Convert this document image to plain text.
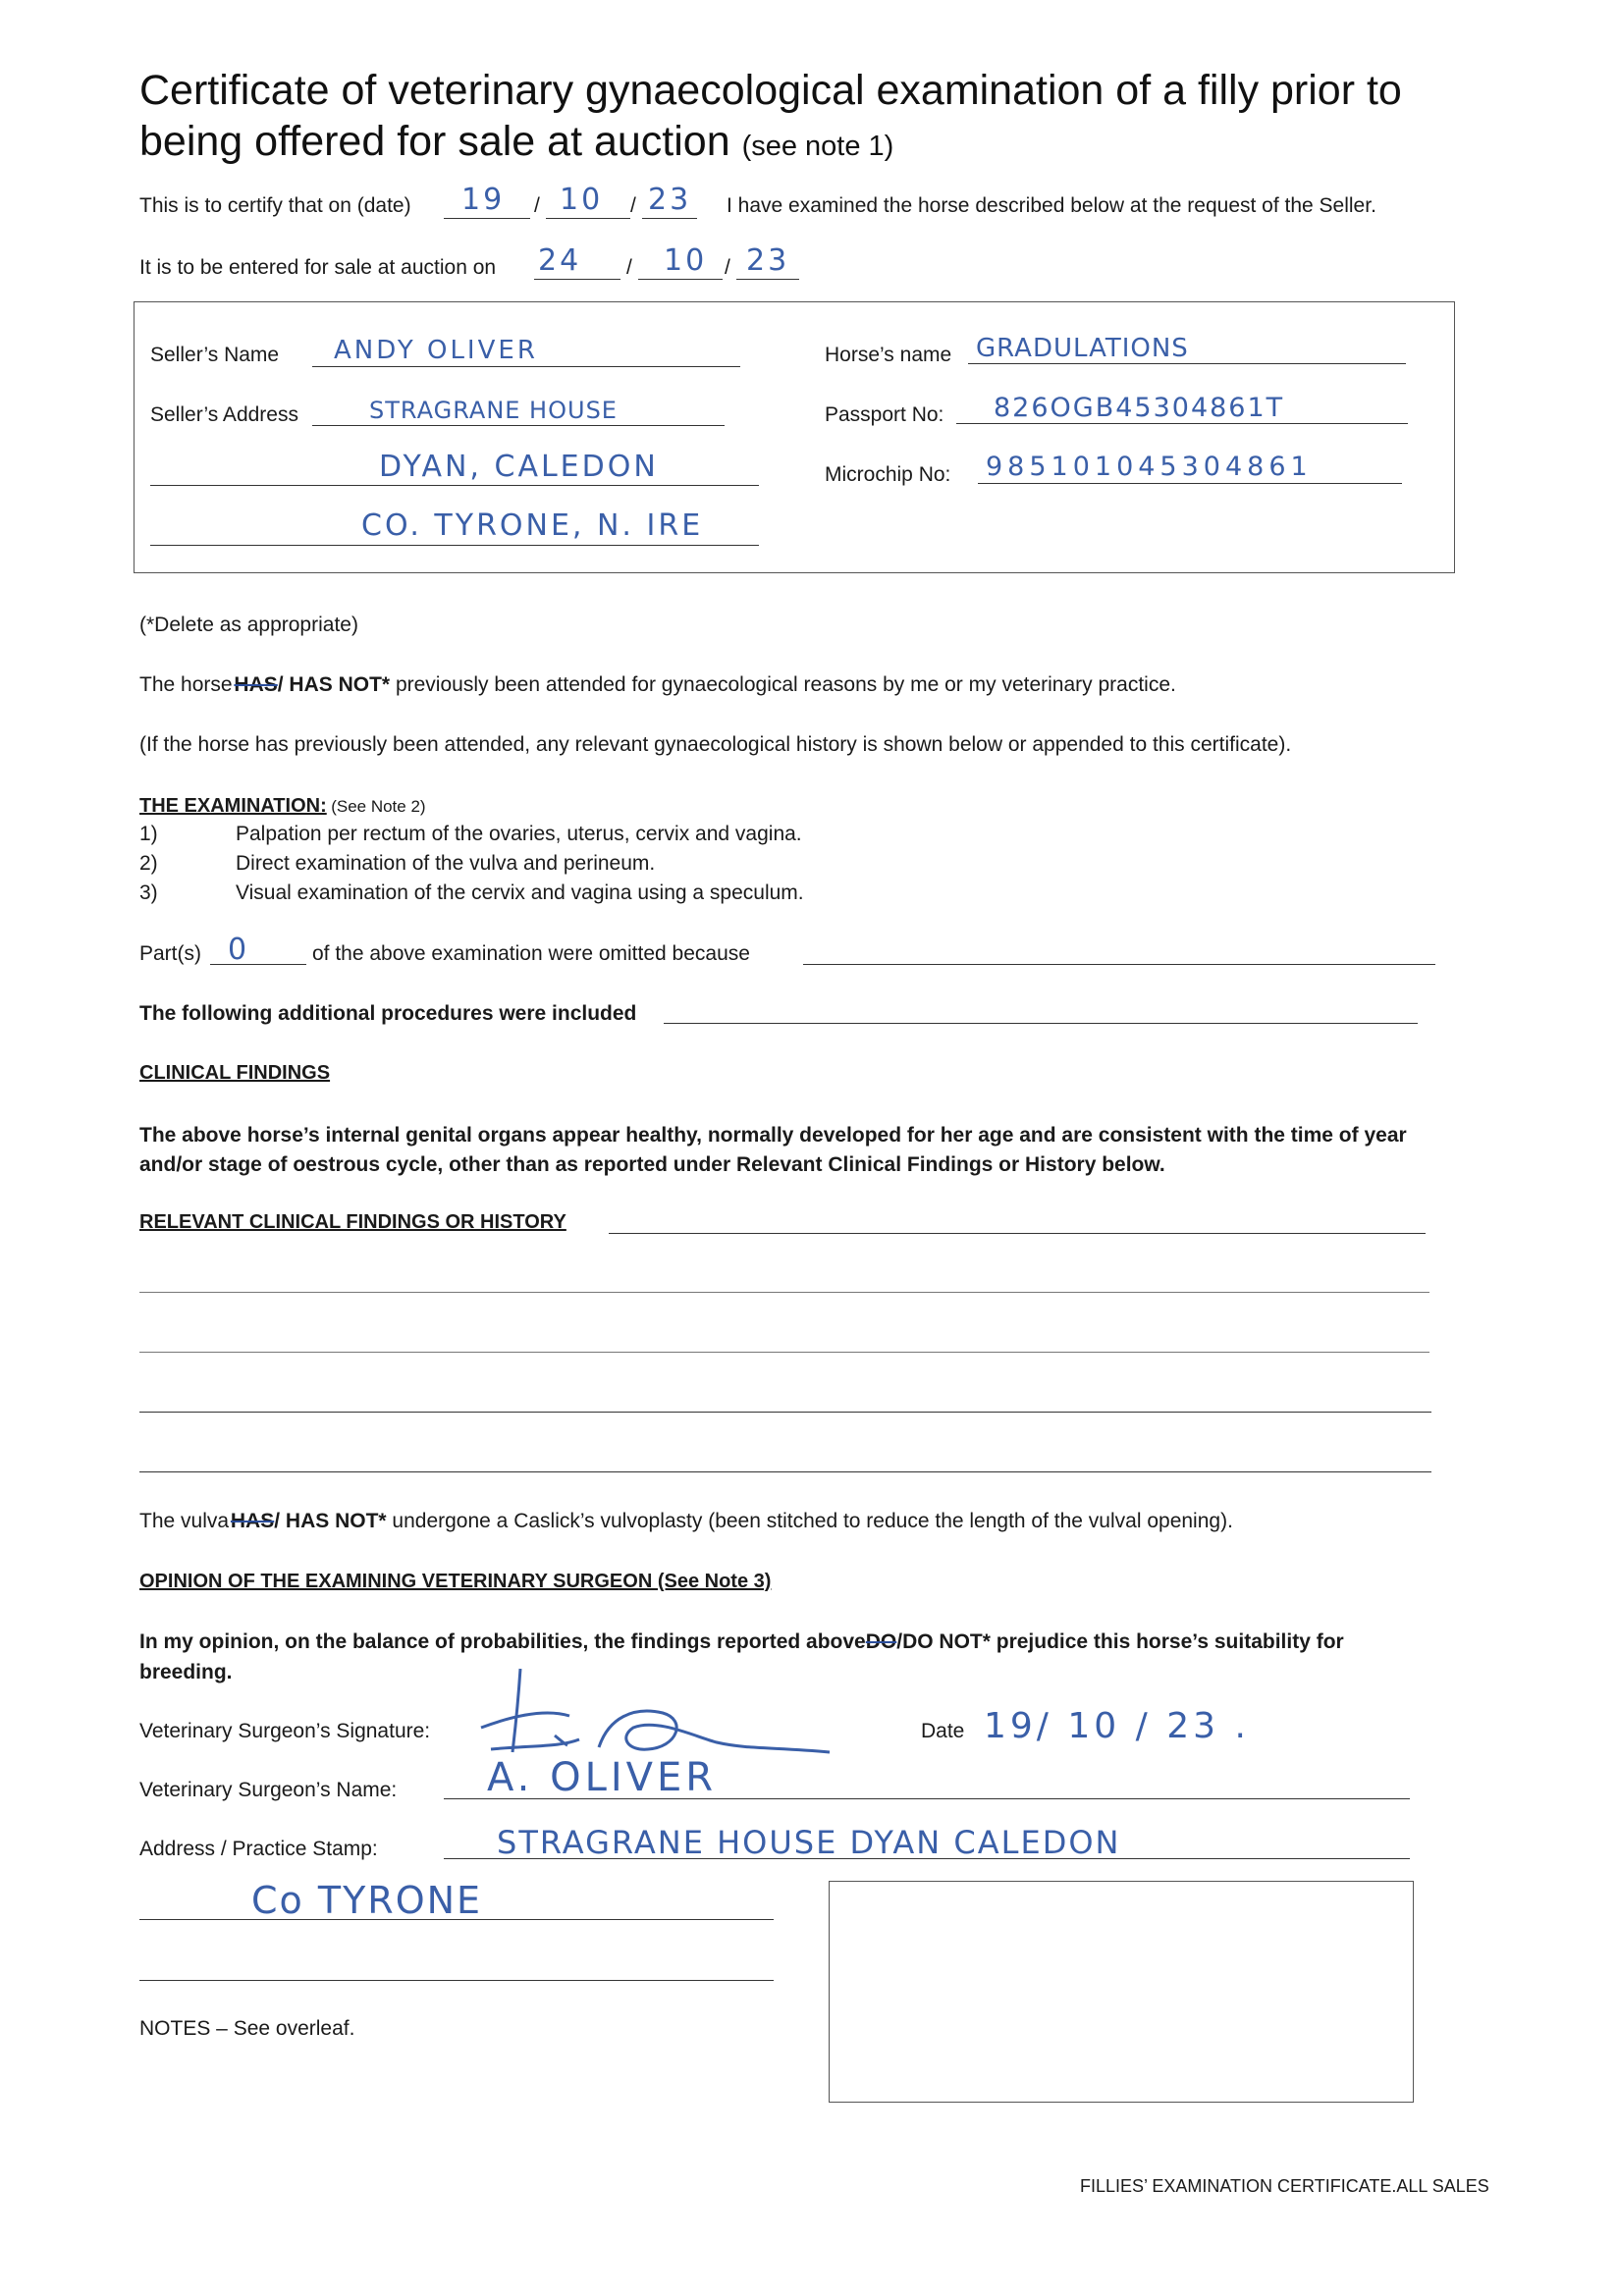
Certificate of veterinary gynaecological examination of a filly prior to being offered for sale at auction (see note 1)
This is to certify that on (date) 19 / 10 / 23 I have examined the horse described below at the request of the Seller.
It is to be entered for sale at auction on 24 / 10 / 23
Seller’s Name ANDY OLIVER
Seller’s Address	STRAGRANE HOUSE
DYAN, CALEDON
CO. TYRONE, N. IRE
Horse’s name GRADULATIONS
Passport No: 826OGB45304861T
Microchip No: 985101045304861
(*Delete as appropriate)
The horse HAS/ HAS NOT* previously been attended for gynaecological reasons by me or my veterinary practice.
(If the horse has previously been attended, any relevant gynaecological history is shown below or appended to this certificate).
THE EXAMINATION: (See Note 2)
1)	Palpation per rectum of the ovaries, uterus, cervix and vagina.
2)	Direct examination of the vulva and perineum.
3)	Visual examination of the cervix and vagina using a speculum.
Part(s) 0	of the above examination were omitted because
The following additional procedures were included
CLINICAL FINDINGS
The above horse’s internal genital organs appear healthy, normally developed for her age and are consistent with the time of year and/or stage of oestrous cycle, other than as reported under Relevant Clinical Findings or History below.
RELEVANT CLINICAL FINDINGS OR HISTORY
The vulva HAS/ HAS NOT* undergone a Caslick’s vulvoplasty (been stitched to reduce the length of the vulval opening).
OPINION OF THE EXAMINING VETERINARY SURGEON (See Note 3)
In my opinion, on the balance of probabilities, the findings reported aboveDO/DO NOT* prejudice this horse’s suitability for
breeding.
Veterinary Surgeon’s Signature:	Date 19/ 10 / 23 .
Veterinary Surgeon’s Name: A. OLIVER
Address / Practice Stamp:	STRAGRANE HOUSE DYAN CALEDON
Co TYRONE
NOTES – See overleaf.
FILLIES’ EXAMINATION CERTIFICATE.ALL SALES
